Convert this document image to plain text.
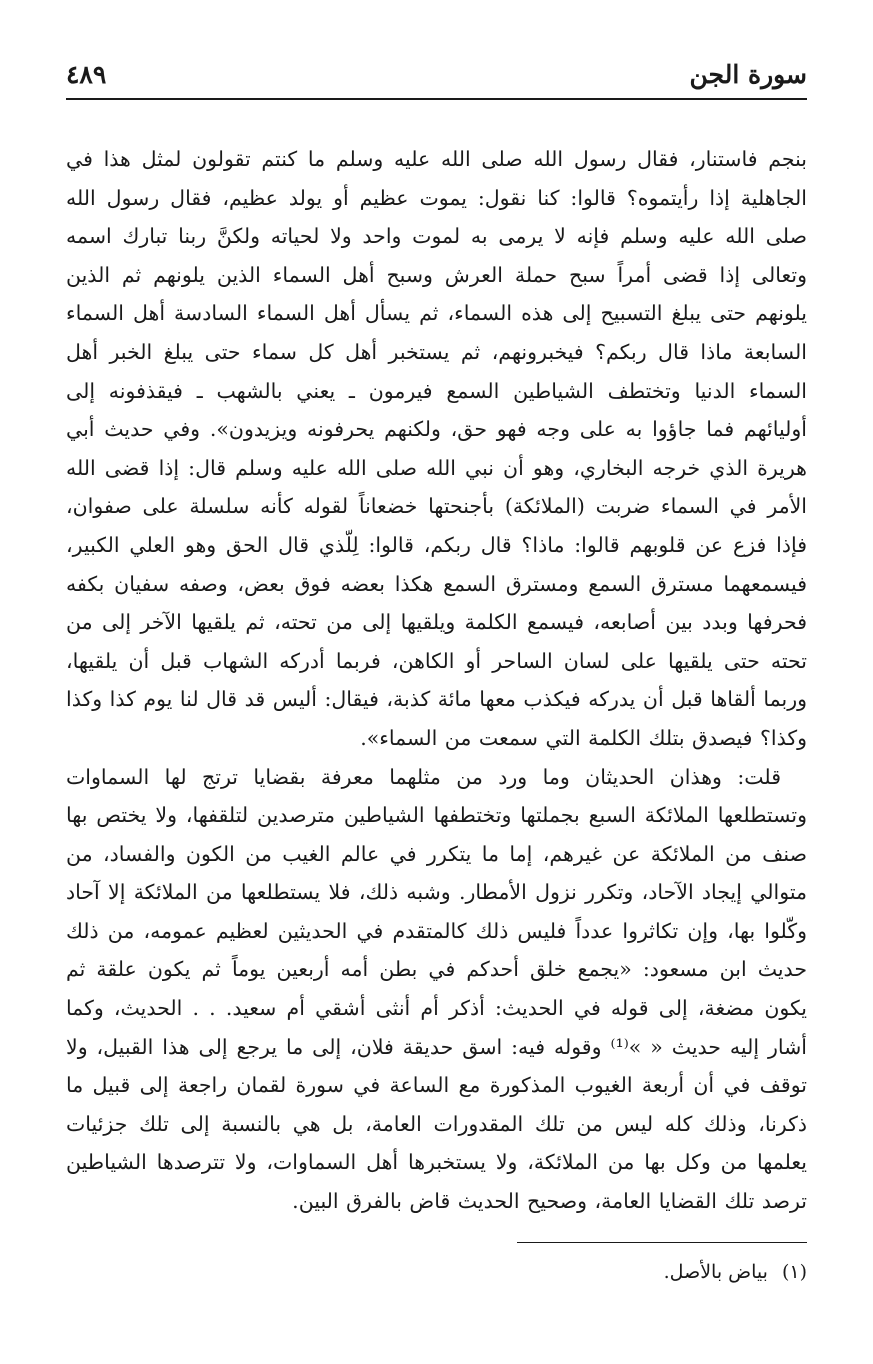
سورة الجن
٤٨٩

بنجم فاستنار، فقال رسول الله صلى الله عليه وسلم ما كنتم تقولون لمثل هذا في الجاهلية إذا رأيتموه؟ قالوا: كنا نقول: يموت عظيم أو يولد عظيم، فقال رسول الله صلى الله عليه وسلم فإنه لا يرمى به لموت واحد ولا لحياته ولكنَّ ربنا تبارك اسمه وتعالى إذا قضى أمراً سبح حملة العرش وسبح أهل السماء الذين يلونهم ثم الذين يلونهم حتى يبلغ التسبيح إلى هذه السماء، ثم يسأل أهل السماء السادسة أهل السماء السابعة ماذا قال ربكم؟ فيخبرونهم، ثم يستخبر أهل كل سماء حتى يبلغ الخبر أهل السماء الدنيا وتختطف الشياطين السمع فيرمون ـ يعني بالشهب ـ فيقذفونه إلى أوليائهم فما جاؤوا به على وجه فهو حق، ولكنهم يحرفونه ويزيدون». وفي حديث أبي هريرة الذي خرجه البخاري، وهو أن نبي الله صلى الله عليه وسلم قال: إذا قضى الله الأمر في السماء ضربت (الملائكة) بأجنحتها خضعاناً لقوله كأنه سلسلة على صفوان، فإذا فزع عن قلوبهم قالوا: ماذا؟ قال ربكم، قالوا: لِلّذي قال الحق وهو العلي الكبير، فيسمعهما مسترق السمع ومسترق السمع هكذا بعضه فوق بعض، وصفه سفيان بكفه فحرفها وبدد بين أصابعه، فيسمع الكلمة ويلقيها إلى من تحته، ثم يلقيها الآخر إلى من تحته حتى يلقيها على لسان الساحر أو الكاهن، فربما أدركه الشهاب قبل أن يلقيها، وربما ألقاها قبل أن يدركه فيكذب معها مائة كذبة، فيقال: أليس قد قال لنا يوم كذا وكذا وكذا؟ فيصدق بتلك الكلمة التي سمعت من السماء».

قلت: وهذان الحديثان وما ورد من مثلهما معرفة بقضايا ترتج لها السماوات وتستطلعها الملائكة السبع بجملتها وتختطفها الشياطين مترصدين لتلقفها، ولا يختص بها صنف من الملائكة عن غيرهم، إما ما يتكرر في عالم الغيب من الكون والفساد، من متوالي إيجاد الآحاد، وتكرر نزول الأمطار. وشبه ذلك، فلا يستطلعها من الملائكة إلا آحاد وكّلوا بها، وإن تكاثروا عدداً فليس ذلك كالمتقدم في الحديثين لعظيم عمومه، من ذلك حديث ابن مسعود: «يجمع خلق أحدكم في بطن أمه أربعين يوماً ثم يكون علقة ثم يكون مضغة، إلى قوله في الحديث: أذكر أم أنثى أشقي أم سعيد. . . الحديث، وكما أشار إليه حديث « »⁽¹⁾ وقوله فيه: اسق حديقة فلان، إلى ما يرجع إلى هذا القبيل، ولا توقف في أن أربعة الغيوب المذكورة مع الساعة في سورة لقمان راجعة إلى قبيل ما ذكرنا، وذلك كله ليس من تلك المقدورات العامة، بل هي بالنسبة إلى تلك جزئيات يعلمها من وكل بها من الملائكة، ولا يستخبرها أهل السماوات، ولا تترصدها الشياطين ترصد تلك القضايا العامة، وصحيح الحديث قاض بالفرق البين.

(١)بياض بالأصل.
